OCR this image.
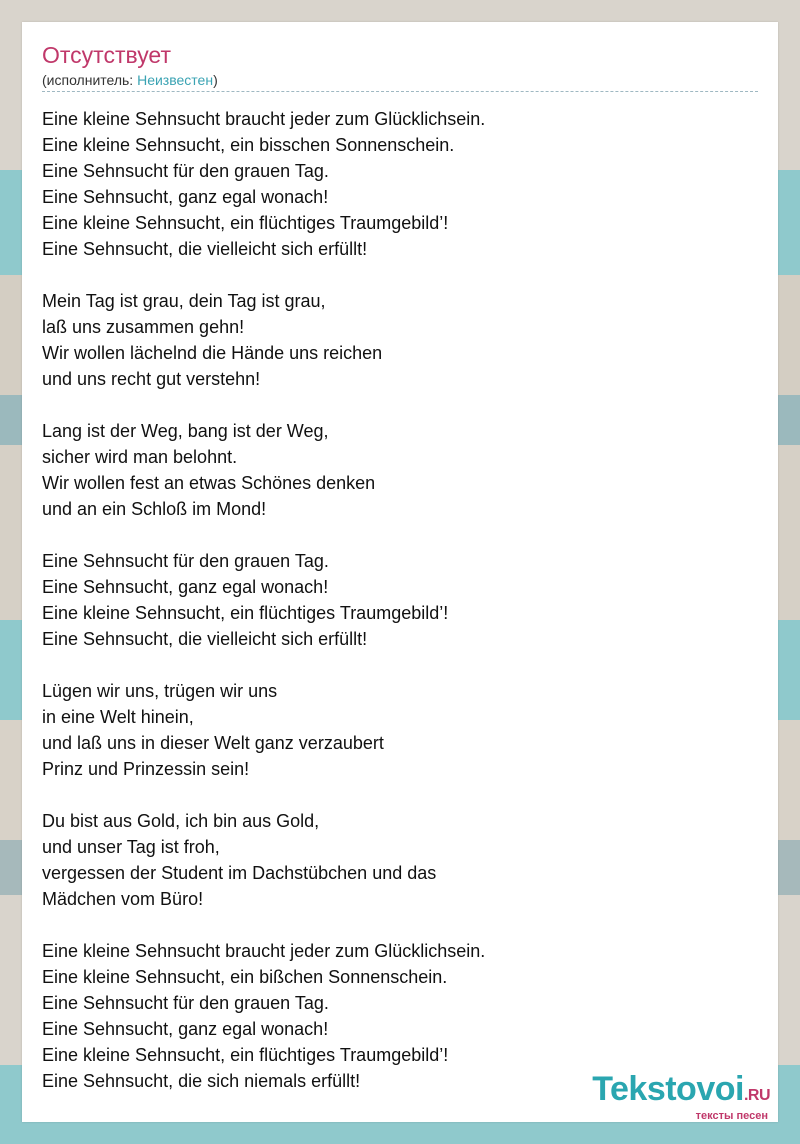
Отсутствует
(исполнитель: Неизвестен)
Eine kleine Sehnsucht braucht jeder zum Glücklichsein.
Eine kleine Sehnsucht, ein bisschen Sonnenschein.
Eine Sehnsucht für den grauen Tag.
Eine Sehnsucht, ganz egal wonach!
Eine kleine Sehnsucht, ein flüchtiges Traumgebild’!
Eine Sehnsucht, die vielleicht sich erfüllt!
Mein Tag ist grau, dein Tag ist grau,
laß uns zusammen gehn!
Wir wollen lächelnd die Hände uns reichen
und uns recht gut verstehn!
Lang ist der Weg, bang ist der Weg,
sicher wird man belohnt.
Wir wollen fest an etwas Schönes denken
und an ein Schloß im Mond!
Eine Sehnsucht für den grauen Tag.
Eine Sehnsucht, ganz egal wonach!
Eine kleine Sehnsucht, ein flüchtiges Traumgebild’!
Eine Sehnsucht, die vielleicht sich erfüllt!
Lügen wir uns, trügen wir uns
in eine Welt hinein,
und laß uns in dieser Welt ganz verzaubert
Prinz und Prinzessin sein!
Du bist aus Gold, ich bin aus Gold,
und unser Tag ist froh,
vergessen der Student im Dachstübchen und das
Mädchen vom Büro!
Eine kleine Sehnsucht braucht jeder zum Glücklichsein.
Eine kleine Sehnsucht, ein bißchen Sonnenschein.
Eine Sehnsucht für den grauen Tag.
Eine Sehnsucht, ganz egal wonach!
Eine kleine Sehnsucht, ein flüchtiges Traumgebild’!
Eine Sehnsucht, die sich niemals erfüllt!	Tekstovoi.RU
тексты песен
